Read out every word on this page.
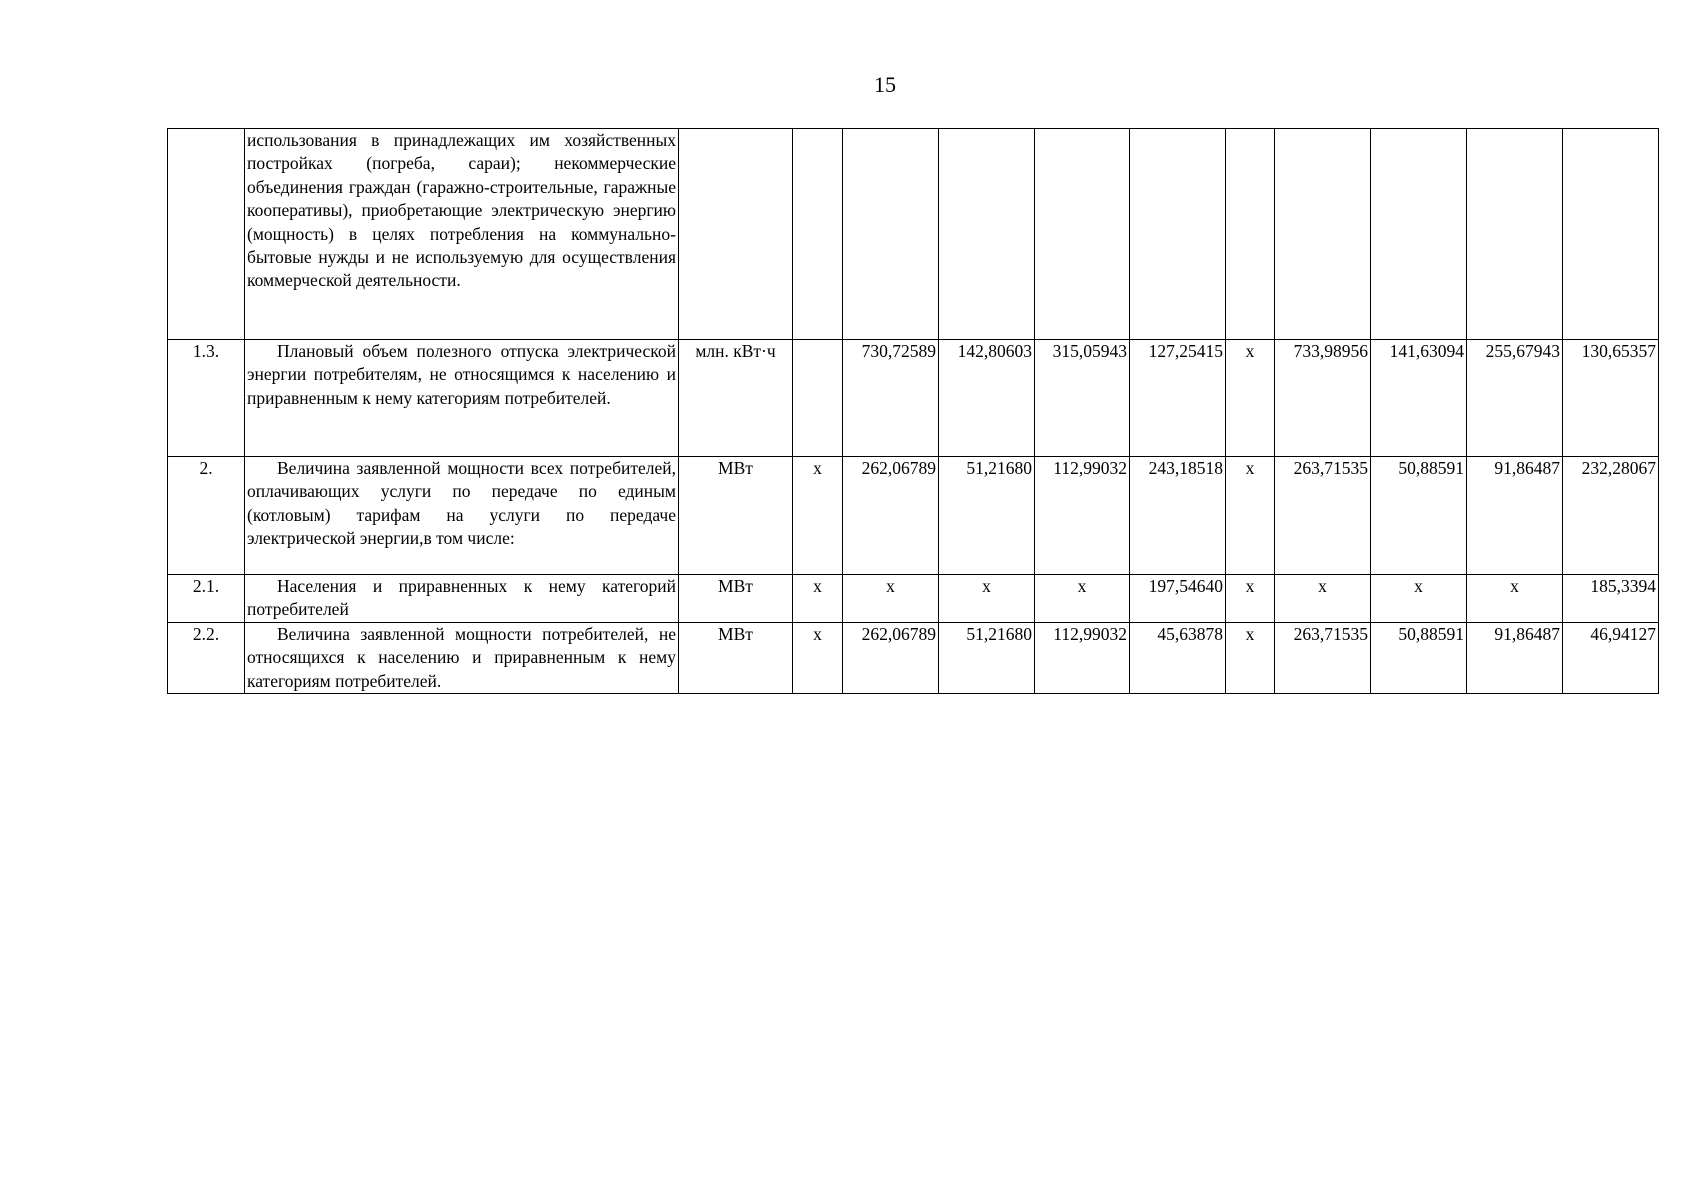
15
	использования в принадлежащих им хозяйственных постройках (погреба, сараи); некоммерческие объединения граждан (гаражно-строительные, гаражные кооперативы), приобретающие электрическую энергию (мощность) в целях потребления на коммунально-бытовые нужды и не используемую для осуществления коммерческой деятельности.											
1.3.	Плановый объем полезного отпуска электрической энергии потребителям, не относящимся к населению и приравненным к нему категориям потребителей.	млн. кВт·ч		730,72589	142,80603	315,05943	127,25415	x	733,98956	141,63094	255,67943	130,65357
2.	Величина заявленной мощности всех потребителей, оплачивающих услуги по передаче по единым (котловым) тарифам на услуги по передаче электрической энергии,в том числе:	МВт	x	262,06789	51,21680	112,99032	243,18518	x	263,71535	50,88591	91,86487	232,28067
2.1.	Населения и приравненных к нему категорий потребителей	МВт	x	x	x	x	197,54640	x	x	x	x	185,3394
2.2.	Величина заявленной мощности потребителей, не относящихся к населению и приравненным к нему категориям потребителей.	МВт	x	262,06789	51,21680	112,99032	45,63878	x	263,71535	50,88591	91,86487	46,94127
